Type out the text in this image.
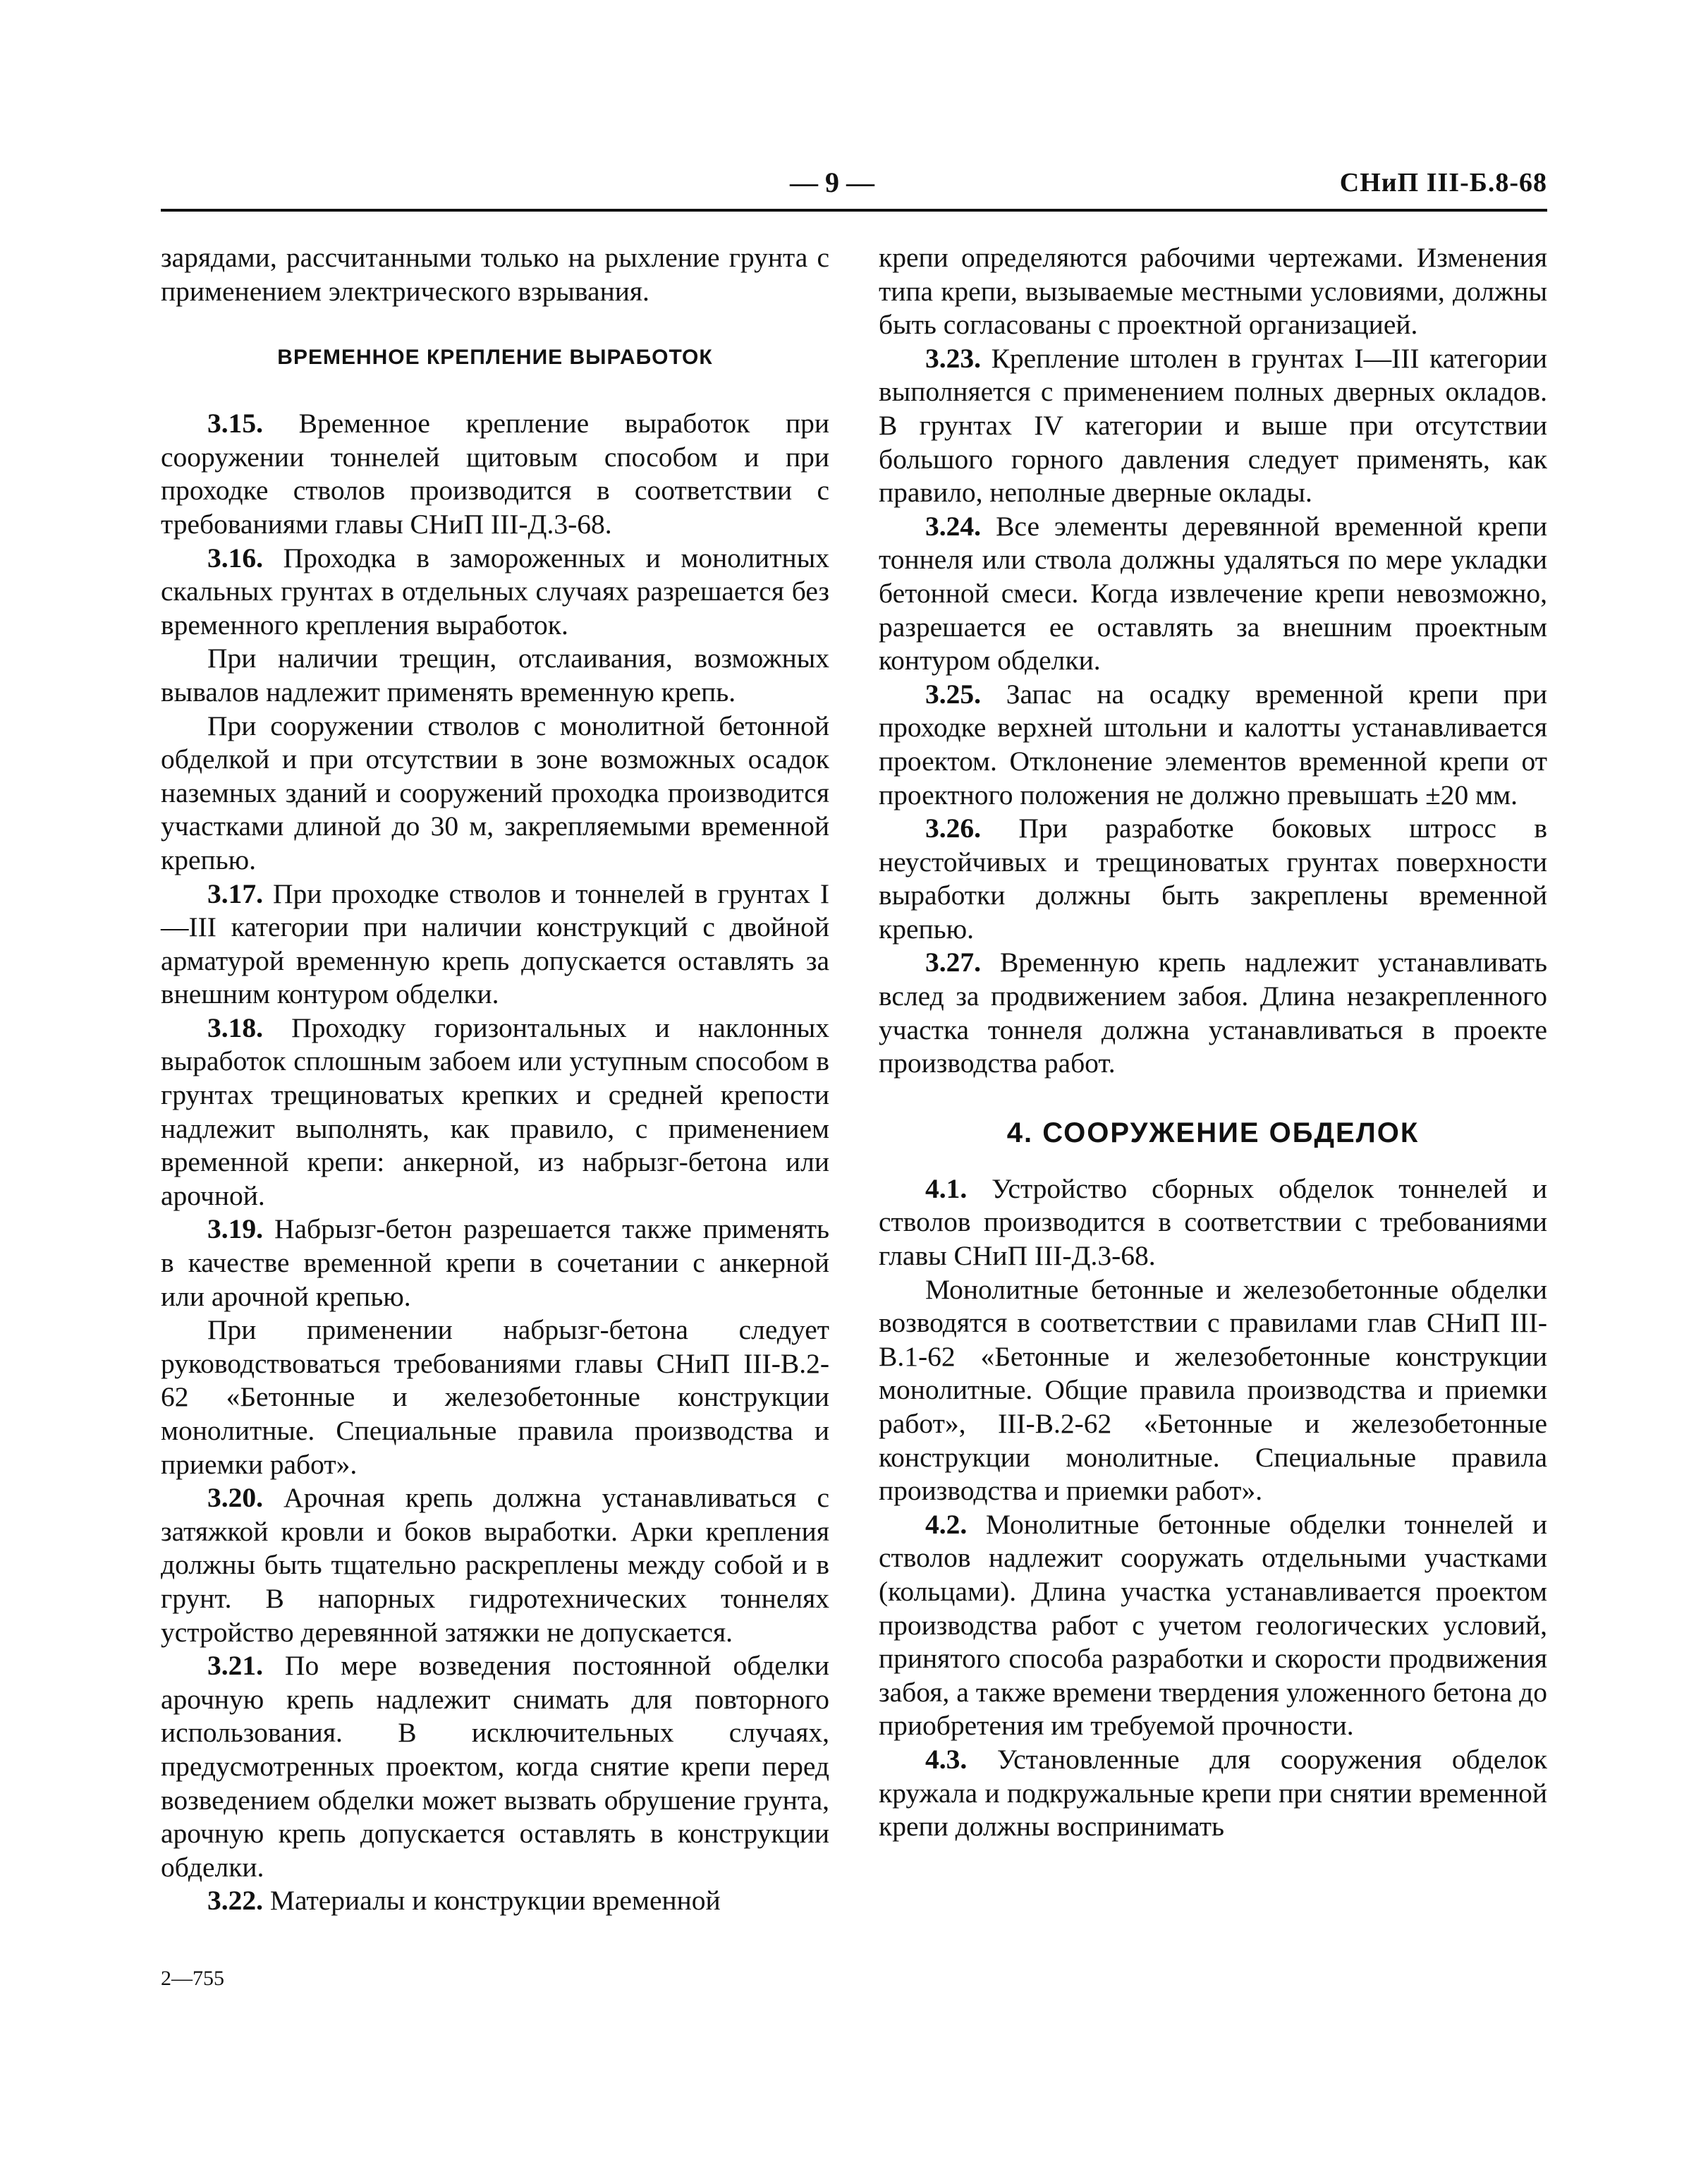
— 9 —	СНиП III-Б.8-68

зарядами, рассчитанными только на рыхление грунта с применением электрического взрывания.

ВРЕМЕННОЕ КРЕПЛЕНИЕ ВЫРАБОТОК

3.15. Временное крепление выработок при сооружении тоннелей щитовым способом и при проходке стволов производится в соответствии с требованиями главы СНиП III-Д.3-68.

3.16. Проходка в замороженных и монолитных скальных грунтах в отдельных случаях разрешается без временного крепления выработок.

При наличии трещин, отслаивания, возможных вывалов надлежит применять временную крепь.

При сооружении стволов с монолитной бетонной обделкой и при отсутствии в зоне возможных осадок наземных зданий и сооружений проходка производится участками длиной до 30 м, закрепляемыми временной крепью.

3.17. При проходке стволов и тоннелей в грунтах I—III категории при наличии конструкций с двойной арматурой временную крепь допускается оставлять за внешним контуром обделки.

3.18. Проходку горизонтальных и наклонных выработок сплошным забоем или уступным способом в грунтах трещиноватых крепких и средней крепости надлежит выполнять, как правило, с применением временной крепи: анкерной, из набрызг-бетона или арочной.

3.19. Набрызг-бетон разрешается также применять в качестве временной крепи в сочетании с анкерной или арочной крепью.

При применении набрызг-бетона следует руководствоваться требованиями главы СНиП III-В.2-62 «Бетонные и железобетонные конструкции монолитные. Специальные правила производства и приемки работ».

3.20. Арочная крепь должна устанавливаться с затяжкой кровли и боков выработки. Арки крепления должны быть тщательно раскреплены между собой и в грунт. В напорных гидротехнических тоннелях устройство деревянной затяжки не допускается.

3.21. По мере возведения постоянной обделки арочную крепь надлежит снимать для повторного использования. В исключительных случаях, предусмотренных проектом, когда снятие крепи перед возведением обделки может вызвать обрушение грунта, арочную крепь допускается оставлять в конструкции обделки.

3.22. Материалы и конструкции временной

крепи определяются рабочими чертежами. Изменения типа крепи, вызываемые местными условиями, должны быть согласованы с проектной организацией.

3.23. Крепление штолен в грунтах I—III категории выполняется с применением полных дверных окладов. В грунтах IV категории и выше при отсутствии большого горного давления следует применять, как правило, неполные дверные оклады.

3.24. Все элементы деревянной временной крепи тоннеля или ствола должны удаляться по мере укладки бетонной смеси. Когда извлечение крепи невозможно, разрешается ее оставлять за внешним проектным контуром обделки.

3.25. Запас на осадку временной крепи при проходке верхней штольни и калотты устанавливается проектом. Отклонение элементов временной крепи от проектного положения не должно превышать ±20 мм.

3.26. При разработке боковых штросс в неустойчивых и трещиноватых грунтах поверхности выработки должны быть закреплены временной крепью.

3.27. Временную крепь надлежит устанавливать вслед за продвижением забоя. Длина незакрепленного участка тоннеля должна устанавливаться в проекте производства работ.

4. СООРУЖЕНИЕ ОБДЕЛОК

4.1. Устройство сборных обделок тоннелей и стволов производится в соответствии с требованиями главы СНиП III-Д.3-68.

Монолитные бетонные и железобетонные обделки возводятся в соответствии с правилами глав СНиП III-В.1-62 «Бетонные и железобетонные конструкции монолитные. Общие правила производства и приемки работ», III-В.2-62 «Бетонные и железобетонные конструкции монолитные. Специальные правила производства и приемки работ».

4.2. Монолитные бетонные обделки тоннелей и стволов надлежит сооружать отдельными участками (кольцами). Длина участка устанавливается проектом производства работ с учетом геологических условий, принятого способа разработки и скорости продвижения забоя, а также времени твердения уложенного бетона до приобретения им требуемой прочности.

4.3. Установленные для сооружения обделок кружала и подкружальные крепи при снятии временной крепи должны воспринимать

2—755
